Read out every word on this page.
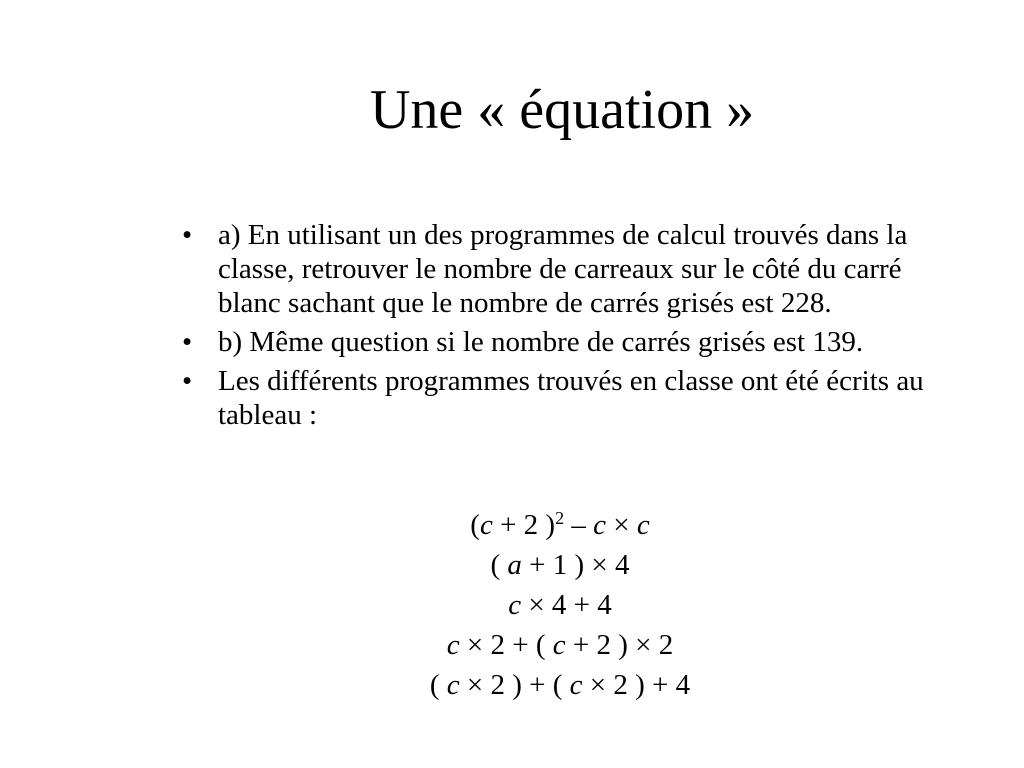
Une « équation »
• a) En utilisant un des programmes de calcul trouvés dans la classe, retrouver le nombre de carreaux sur le côté du carré blanc sachant que le nombre de carrés grisés est 228.
• b) Même question si le nombre de carrés grisés est 139.
• Les différents programmes trouvés en classe ont été écrits au tableau :
(c + 2 )$^2$ – c × c
( a + 1 ) × 4
c × 4 + 4
c × 2 + ( c + 2 ) × 2
( c × 2 ) + ( c × 2 ) + 4
